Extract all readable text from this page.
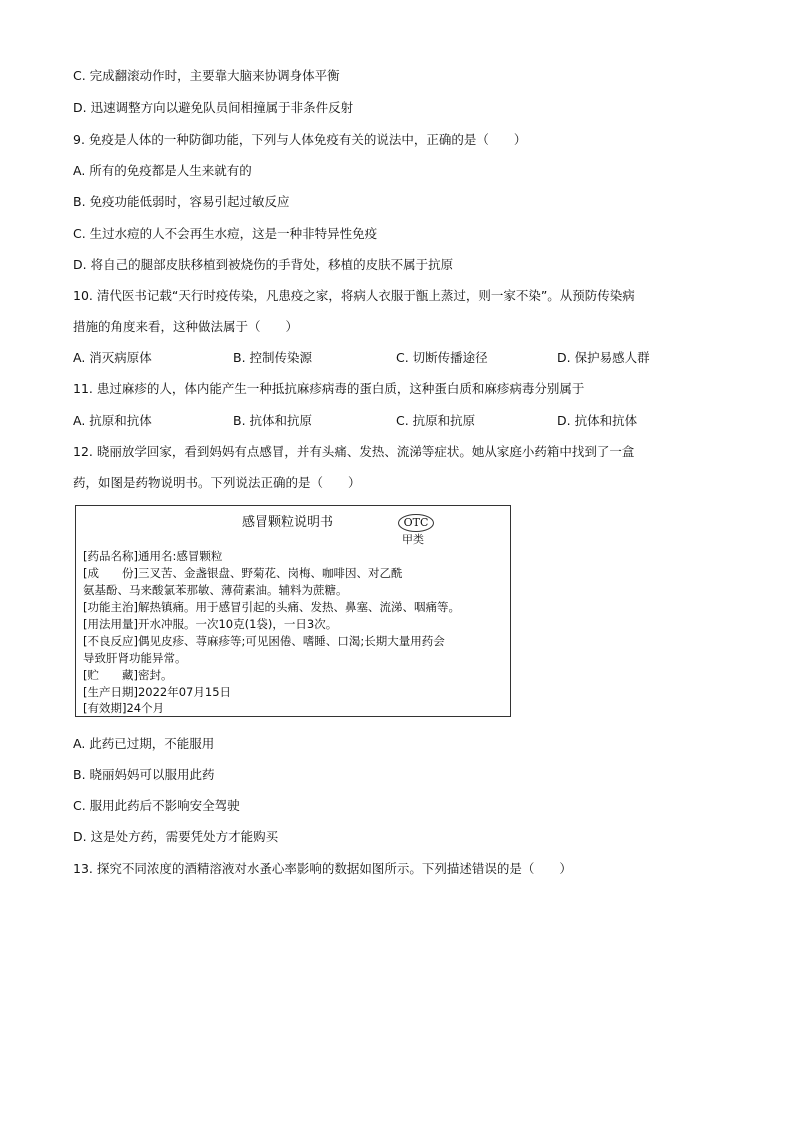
C. 完成翻滚动作时，主要靠大脑来协调身体平衡
D. 迅速调整方向以避免队员间相撞属于非条件反射
9. 免疫是人体的一种防御功能，下列与人体免疫有关的说法中，正确的是（　　）
A. 所有的免疫都是人生来就有的
B. 免疫功能低弱时，容易引起过敏反应
C. 生过水痘的人不会再生水痘，这是一种非特异性免疫
D. 将自己的腿部皮肤移植到被烧伤的手背处，移植的皮肤不属于抗原
10. 清代医书记载“天行时疫传染，凡患疫之家，将病人衣服于甑上蒸过，则一家不染”。从预防传染病
措施的角度来看，这种做法属于（　　）
A. 消灭病原体	B. 控制传染源	C. 切断传播途径	D. 保护易感人群
11. 患过麻疹的人，体内能产生一种抵抗麻疹病毒的蛋白质，这种蛋白质和麻疹病毒分别属于
A. 抗原和抗体	B. 抗体和抗原	C. 抗原和抗原	D. 抗体和抗体
12. 晓丽放学回家，看到妈妈有点感冒，并有头痛、发热、流涕等症状。她从家庭小药箱中找到了一盒
药，如图是药物说明书。下列说法正确的是（　　）
感冒颗粒说明书	OTC
甲类
[药品名称]通用名:感冒颗粒
[成　　份]三叉苦、金盏银盘、野菊花、岗梅、咖啡因、对乙酰
氨基酚、马来酸氯苯那敏、薄荷素油。辅料为蔗糖。
[功能主治]解热镇痛。用于感冒引起的头痛、发热、鼻塞、流涕、咽痛等。
[用法用量]开水冲服。一次10克(1袋)，一日3次。
[不良反应]偶见皮疹、荨麻疹等;可见困倦、嗜睡、口渴;长期大量用药会
导致肝肾功能异常。
[贮　　藏]密封。
[生产日期]2022年07月15日
[有效期]24个月
A. 此药已过期，不能服用
B. 晓丽妈妈可以服用此药
C. 服用此药后不影响安全驾驶
D. 这是处方药，需要凭处方才能购买
13. 探究不同浓度的酒精溶液对水蚤心率影响的数据如图所示。下列描述错误的是（　　）
